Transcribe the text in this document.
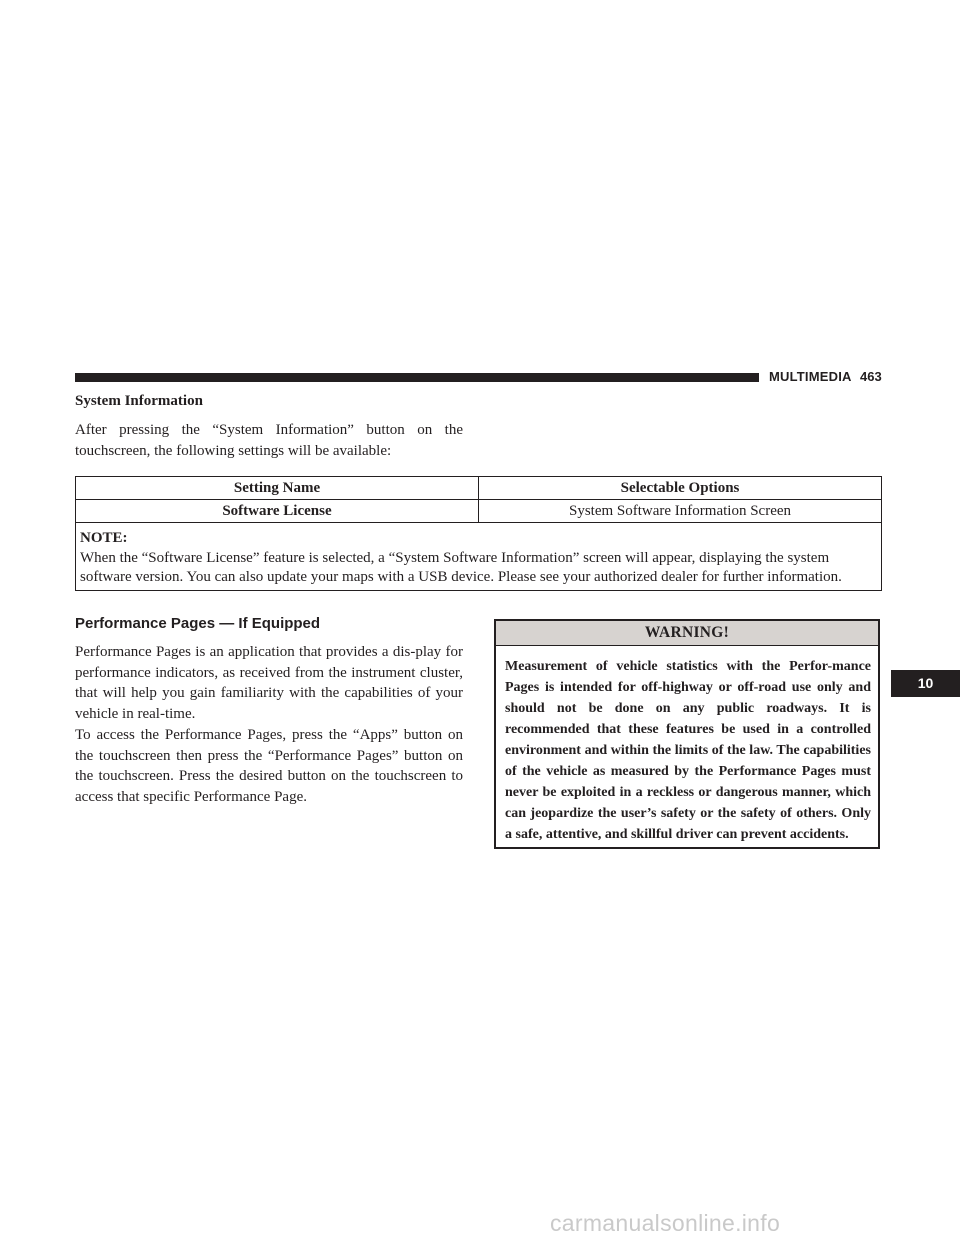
MULTIMEDIA 463
System Information

After pressing the “System Information” button on the touchscreen, the following settings will be available:

Setting Name	Selectable Options
Software License	System Software Information Screen

NOTE:
When the “Software License” feature is selected, a “System Software Information” screen will appear, displaying the system software version. You can also update your maps with a USB device. Please see your authorized dealer for further information.	
Performance Pages — If Equipped

Performance Pages is an application that provides a dis-play for performance indicators, as received from the instrument cluster, that will help you gain familiarity with the capabilities of your vehicle in real-time.

To access the Performance Pages, press the “Apps” button on the touchscreen then press the “Performance Pages” button on the touchscreen. Press the desired button on the touchscreen to access that specific Performance Page.

WARNING!

Measurement of vehicle statistics with the Perfor-mance Pages is intended for off-highway or off-road use only and should not be done on any public roadways. It is recommended that these features be used in a controlled environment and within the limits of the law. The capabilities of the vehicle as measured by the Performance Pages must never be exploited in a reckless or dangerous manner, which can jeopardize the user’s safety or the safety of others. Only a safe, attentive, and skillful driver can prevent accidents.

10
carmanualsonline.info
